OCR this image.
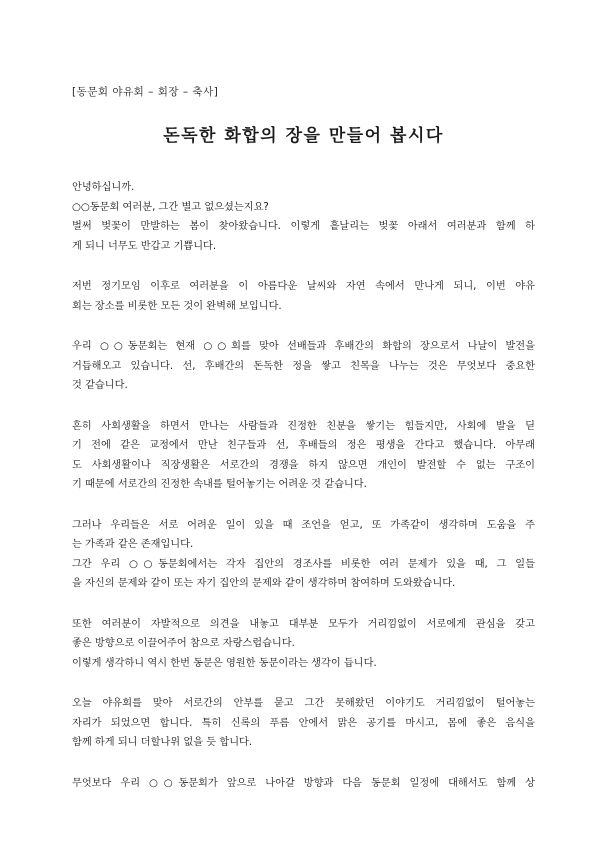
[동문회 야유회 – 회장 – 축사]

돈독한 화합의 장을 만들어 봅시다
안녕하십니까.
○○동문회 여러분, 그간 별고 없으셨는지요?
벌써 벚꽃이 만발하는 봄이 찾아왔습니다. 이렇게 흩날리는 벚꽃 아래서 여러분과 함께 하
게 되니 너무도 반갑고 기쁩니다.
저번 정기모임 이후로 여러분을 이 아름다운 날씨와 자연 속에서 만나게 되니, 이번 야유
회는 장소를 비롯한 모든 것이 완벽해 보입니다.
우리 ○○동문회는 현재 ○○회를 맞아 선배들과 후배간의 화합의 장으로서 나날이 발전을
거듭해오고 있습니다. 선, 후배간의 돈독한 정을 쌓고 친목을 나누는 것은 무엇보다 중요한
것 같습니다.
흔히 사회생활을 하면서 만나는 사람들과 진정한 친분을 쌓기는 힘들지만, 사회에 발을 딛
기 전에 같은 교정에서 만난 친구들과 선, 후배들의 정은 평생을 간다고 했습니다. 아무래
도 사회생활이나 직장생활은 서로간의 경쟁을 하지 않으면 개인이 발전할 수 없는 구조이
기 때문에 서로간의 진정한 속내를 털어놓기는 어려운 것 같습니다.
그러나 우리들은 서로 어려운 일이 있을 때 조언을 얻고, 또 가족같이 생각하며 도움을 주
는 가족과 같은 존재입니다.
그간 우리 ○○동문회에서는 각자 집안의 경조사를 비롯한 여러 문제가 있을 때, 그 일들
을 자신의 문제와 같이 또는 자기 집안의 문제와 같이 생각하며 참여하며 도와왔습니다.
또한 여러분이 자발적으로 의견을 내놓고 대부분 모두가 거리낌없이 서로에게 관심을 갖고
좋은 방향으로 이끌어주어 참으로 자랑스럽습니다.
이렇게 생각하니 역시 한번 동문은 영원한 동문이라는 생각이 듭니다.
오늘 야유회를 맞아 서로간의 안부를 묻고 그간 못해왔던 이야기도 거리낌없이 털어놓는
자리가 되었으면 합니다. 특히 신록의 푸름 안에서 맑은 공기를 마시고, 몸에 좋은 음식을
함께 하게 되니 더할나위 없을 듯 합니다.
무엇보다 우리 ○○동문회가 앞으로 나아갈 방향과 다음 동문회 일정에 대해서도 함께 상
